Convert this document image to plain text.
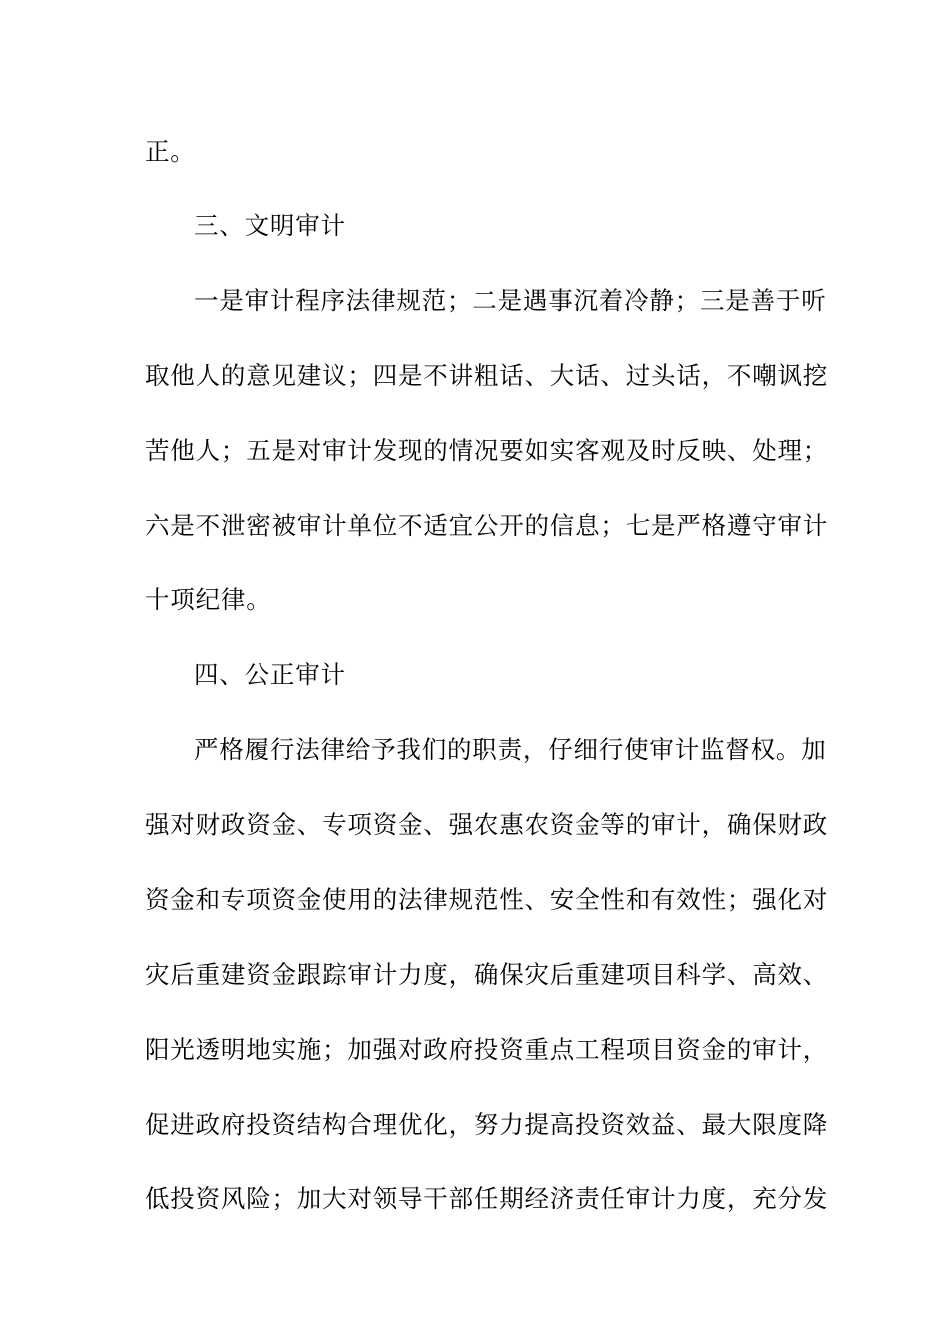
正。
三、文明审计
一是审计程序法律规范；二是遇事沉着冷静；三是善于听
取他人的意见建议；四是不讲粗话、大话、过头话，不嘲讽挖
苦他人；五是对审计发现的情况要如实客观及时反映、处理；
六是不泄密被审计单位不适宜公开的信息；七是严格遵守审计
十项纪律。
四、公正审计
严格履行法律给予我们的职责，仔细行使审计监督权。加
强对财政资金、专项资金、强农惠农资金等的审计，确保财政
资金和专项资金使用的法律规范性、安全性和有效性；强化对
灾后重建资金跟踪审计力度，确保灾后重建项目科学、高效、
阳光透明地实施；加强对政府投资重点工程项目资金的审计，
促进政府投资结构合理优化，努力提高投资效益、最大限度降
低投资风险；加大对领导干部任期经济责任审计力度，充分发
